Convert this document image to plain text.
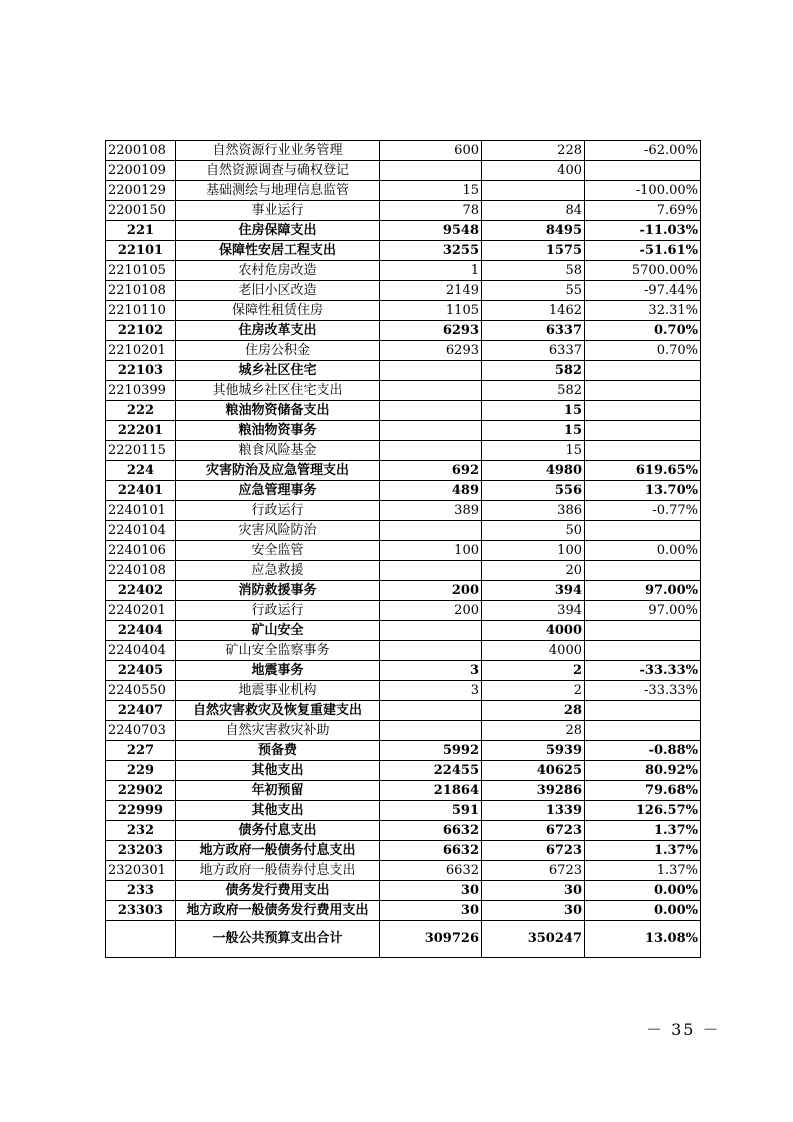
2200108	自然资源行业业务管理	600	228	-62.00%
2200109	自然资源调查与确权登记		400	
2200129	基础测绘与地理信息监管	15		-100.00%
2200150	事业运行	78	84	7.69%
221	住房保障支出	9548	8495	-11.03%
22101	保障性安居工程支出	3255	1575	-51.61%
2210105	农村危房改造	1	58	5700.00%
2210108	老旧小区改造	2149	55	-97.44%
2210110	保障性租赁住房	1105	1462	32.31%
22102	住房改革支出	6293	6337	0.70%
2210201	住房公积金	6293	6337	0.70%
22103	城乡社区住宅		582	
2210399	其他城乡社区住宅支出		582	
222	粮油物资储备支出		15	
22201	粮油物资事务		15	
2220115	粮食风险基金		15	
224	灾害防治及应急管理支出	692	4980	619.65%
22401	应急管理事务	489	556	13.70%
2240101	行政运行	389	386	-0.77%
2240104	灾害风险防治		50	
2240106	安全监管	100	100	0.00%
2240108	应急救援		20	
22402	消防救援事务	200	394	97.00%
2240201	行政运行	200	394	97.00%
22404	矿山安全		4000	
2240404	矿山安全监察事务		4000	
22405	地震事务	3	2	-33.33%
2240550	地震事业机构	3	2	-33.33%
22407	自然灾害救灾及恢复重建支出		28	
2240703	自然灾害救灾补助		28	
227	预备费	5992	5939	-0.88%
229	其他支出	22455	40625	80.92%
22902	年初预留	21864	39286	79.68%
22999	其他支出	591	1339	126.57%
232	债务付息支出	6632	6723	1.37%
23203	地方政府一般债务付息支出	6632	6723	1.37%
2320301	地方政府一般债券付息支出	6632	6723	1.37%
233	债务发行费用支出	30	30	0.00%
23303	地方政府一般债务发行费用支出	30	30	0.00%
	一般公共预算支出合计	309726	350247	13.08%
－ 35 －
